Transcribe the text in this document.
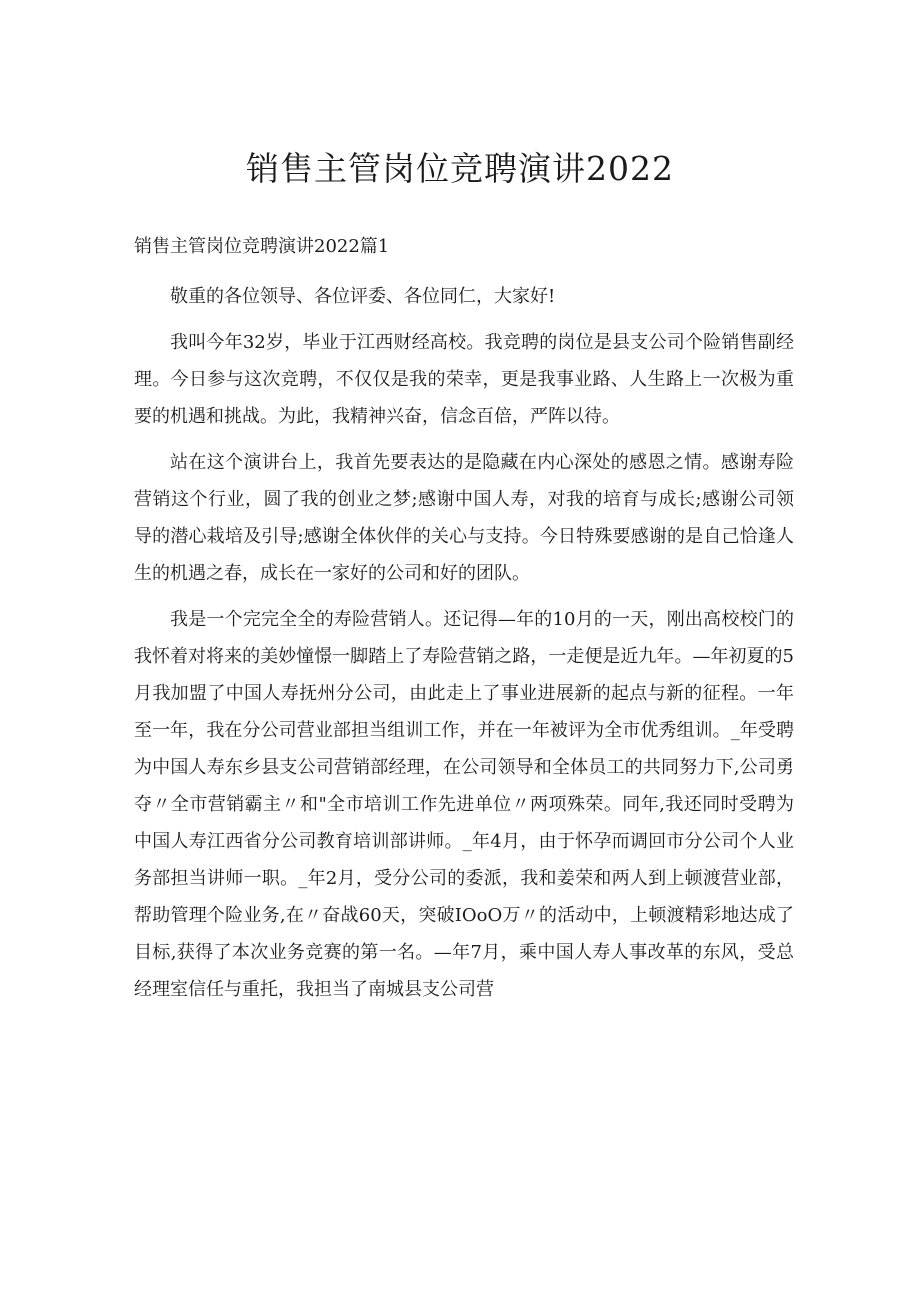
销售主管岗位竞聘演讲2022
销售主管岗位竞聘演讲2022篇1

敬重的各位领导、各位评委、各位同仁，大家好!

我叫今年32岁，毕业于江西财经高校。我竞聘的岗位是县支公司个险销售副经理。今日参与这次竞聘，不仅仅是我的荣幸，更是我事业路、人生路上一次极为重要的机遇和挑战。为此，我精神兴奋，信念百倍，严阵以待。

站在这个演讲台上，我首先要表达的是隐藏在内心深处的感恩之情。感谢寿险营销这个行业，圆了我的创业之梦;感谢中国人寿，对我的培育与成长;感谢公司领导的潜心栽培及引导;感谢全体伙伴的关心与支持。今日特殊要感谢的是自己恰逢人生的机遇之春，成长在一家好的公司和好的团队。

我是一个完完全全的寿险营销人。还记得—年的10月的一天，刚出高校校门的我怀着对将来的美妙憧憬一脚踏上了寿险营销之路，一走便是近九年。—年初夏的5月我加盟了中国人寿抚州分公司，由此走上了事业进展新的起点与新的征程。一年至一年，我在分公司营业部担当组训工作，并在一年被评为全市优秀组训。_年受聘为中国人寿东乡县支公司营销部经理，在公司领导和全体员工的共同努力下,公司勇夺〃全市营销霸主〃和"全市培训工作先进单位〃两项殊荣。同年,我还同时受聘为中国人寿江西省分公司教育培训部讲师。_年4月，由于怀孕而调回市分公司个人业务部担当讲师一职。_年2月，受分公司的委派，我和姜荣和两人到上顿渡营业部，帮助管理个险业务,在〃奋战60天，突破IOoO万〃的活动中，上顿渡精彩地达成了目标,获得了本次业务竞赛的第一名。—年7月，乘中国人寿人事改革的东风，受总经理室信任与重托，我担当了南城县支公司营
